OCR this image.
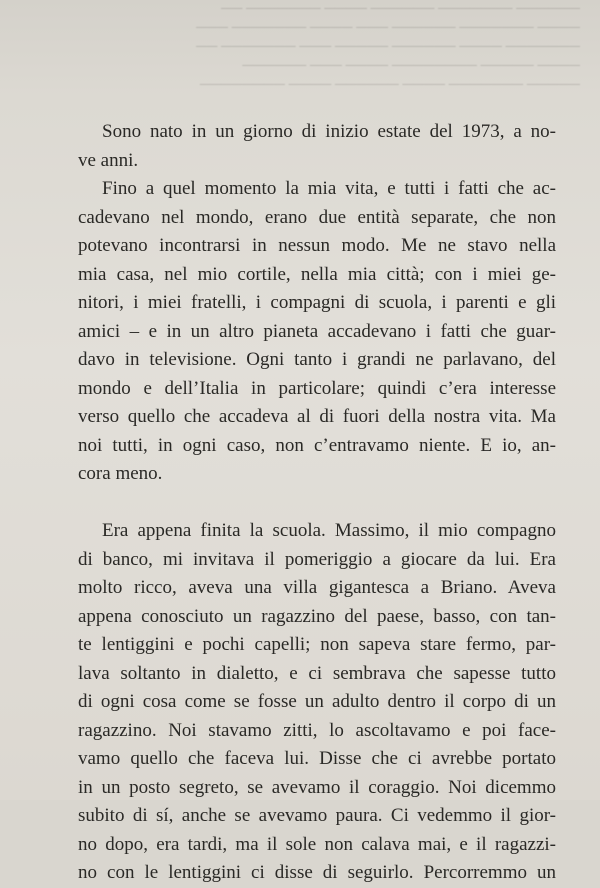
────── ─────── ────── ──── ─────── ──
──── ─────── ────── ─── ──── ─────── ───
─────── ──── ────── ───── ─── ─────── ──
──── ───── ──────── ──── ─── ──────
───── ─────── ──── ────── ──── ────────
Sono nato in un giorno di inizio estate del 1973, a no-
ve anni.
Fino a quel momento la mia vita, e tutti i fatti che ac-
cadevano nel mondo, erano due entità separate, che non
potevano incontrarsi in nessun modo. Me ne stavo nella
mia casa, nel mio cortile, nella mia città; con i miei ge-
nitori, i miei fratelli, i compagni di scuola, i parenti e gli
amici – e in un altro pianeta accadevano i fatti che guar-
davo in televisione. Ogni tanto i grandi ne parlavano, del
mondo e dell’Italia in particolare; quindi c’era interesse
verso quello che accadeva al di fuori della nostra vita. Ma
noi tutti, in ogni caso, non c’entravamo niente. E io, an-
cora meno.
Era appena finita la scuola. Massimo, il mio compagno
di banco, mi invitava il pomeriggio a giocare da lui. Era
molto ricco, aveva una villa gigantesca a Briano. Aveva
appena conosciuto un ragazzino del paese, basso, con tan-
te lentiggini e pochi capelli; non sapeva stare fermo, par-
lava soltanto in dialetto, e ci sembrava che sapesse tutto
di ogni cosa come se fosse un adulto dentro il corpo di un
ragazzino. Noi stavamo zitti, lo ascoltavamo e poi face-
vamo quello che faceva lui. Disse che ci avrebbe portato
in un posto segreto, se avevamo il coraggio. Noi dicemmo
subito di sí, anche se avevamo paura. Ci vedemmo il gior-
no dopo, era tardi, ma il sole non calava mai, e il ragazzi-
no con le lentiggini ci disse di seguirlo. Percorremmo un
